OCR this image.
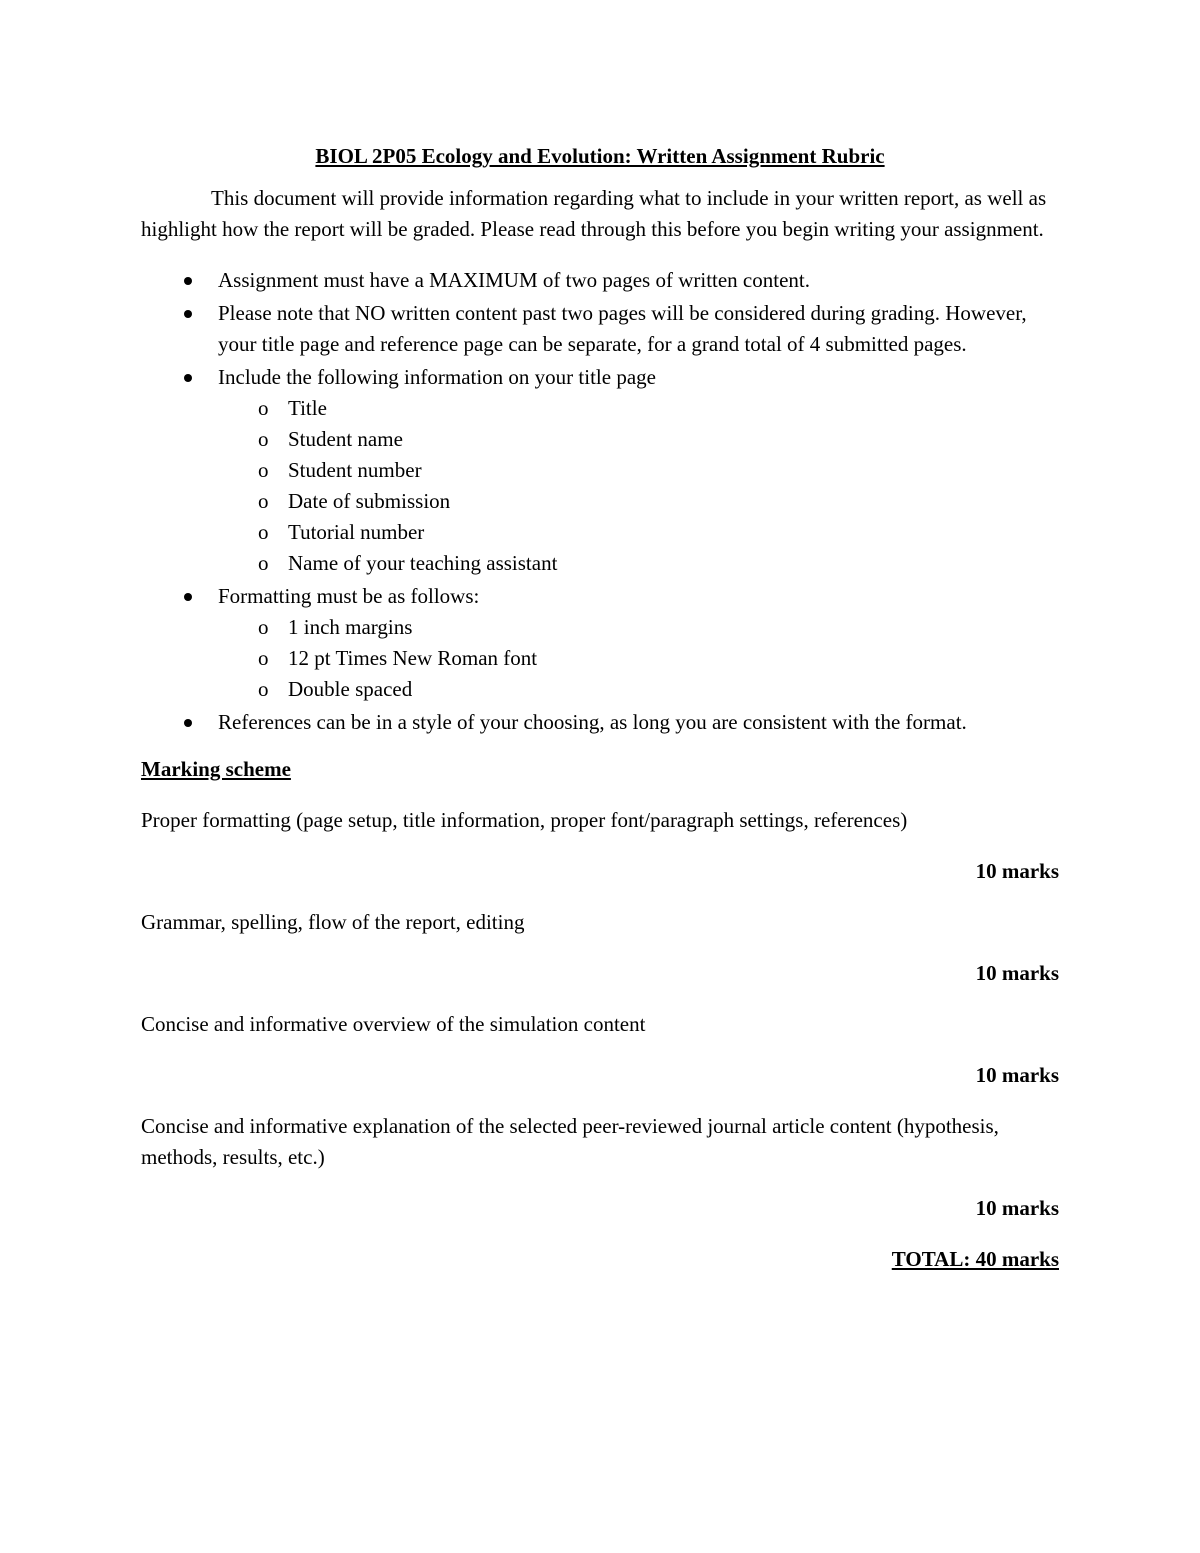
BIOL 2P05 Ecology and Evolution: Written Assignment Rubric

This document will provide information regarding what to include in your written report, as well as highlight how the report will be graded. Please read through this before you begin writing your assignment.

Assignment must have a MAXIMUM of two pages of written content.
Please note that NO written content past two pages will be considered during grading. However, your title page and reference page can be separate, for a grand total of 4 submitted pages.
Include the following information on your title page
o Title
o Student name
o Student number
o Date of submission
o Tutorial number
o Name of your teaching assistant
Formatting must be as follows:
o 1 inch margins
o 12 pt Times New Roman font
o Double spaced
References can be in a style of your choosing, as long you are consistent with the format.
Marking scheme

Proper formatting (page setup, title information, proper font/paragraph settings, references)

10 marks

Grammar, spelling, flow of the report, editing

10 marks

Concise and informative overview of the simulation content

10 marks

Concise and informative explanation of the selected peer-reviewed journal article content (hypothesis, methods, results, etc.)

10 marks
TOTAL: 40 marks
